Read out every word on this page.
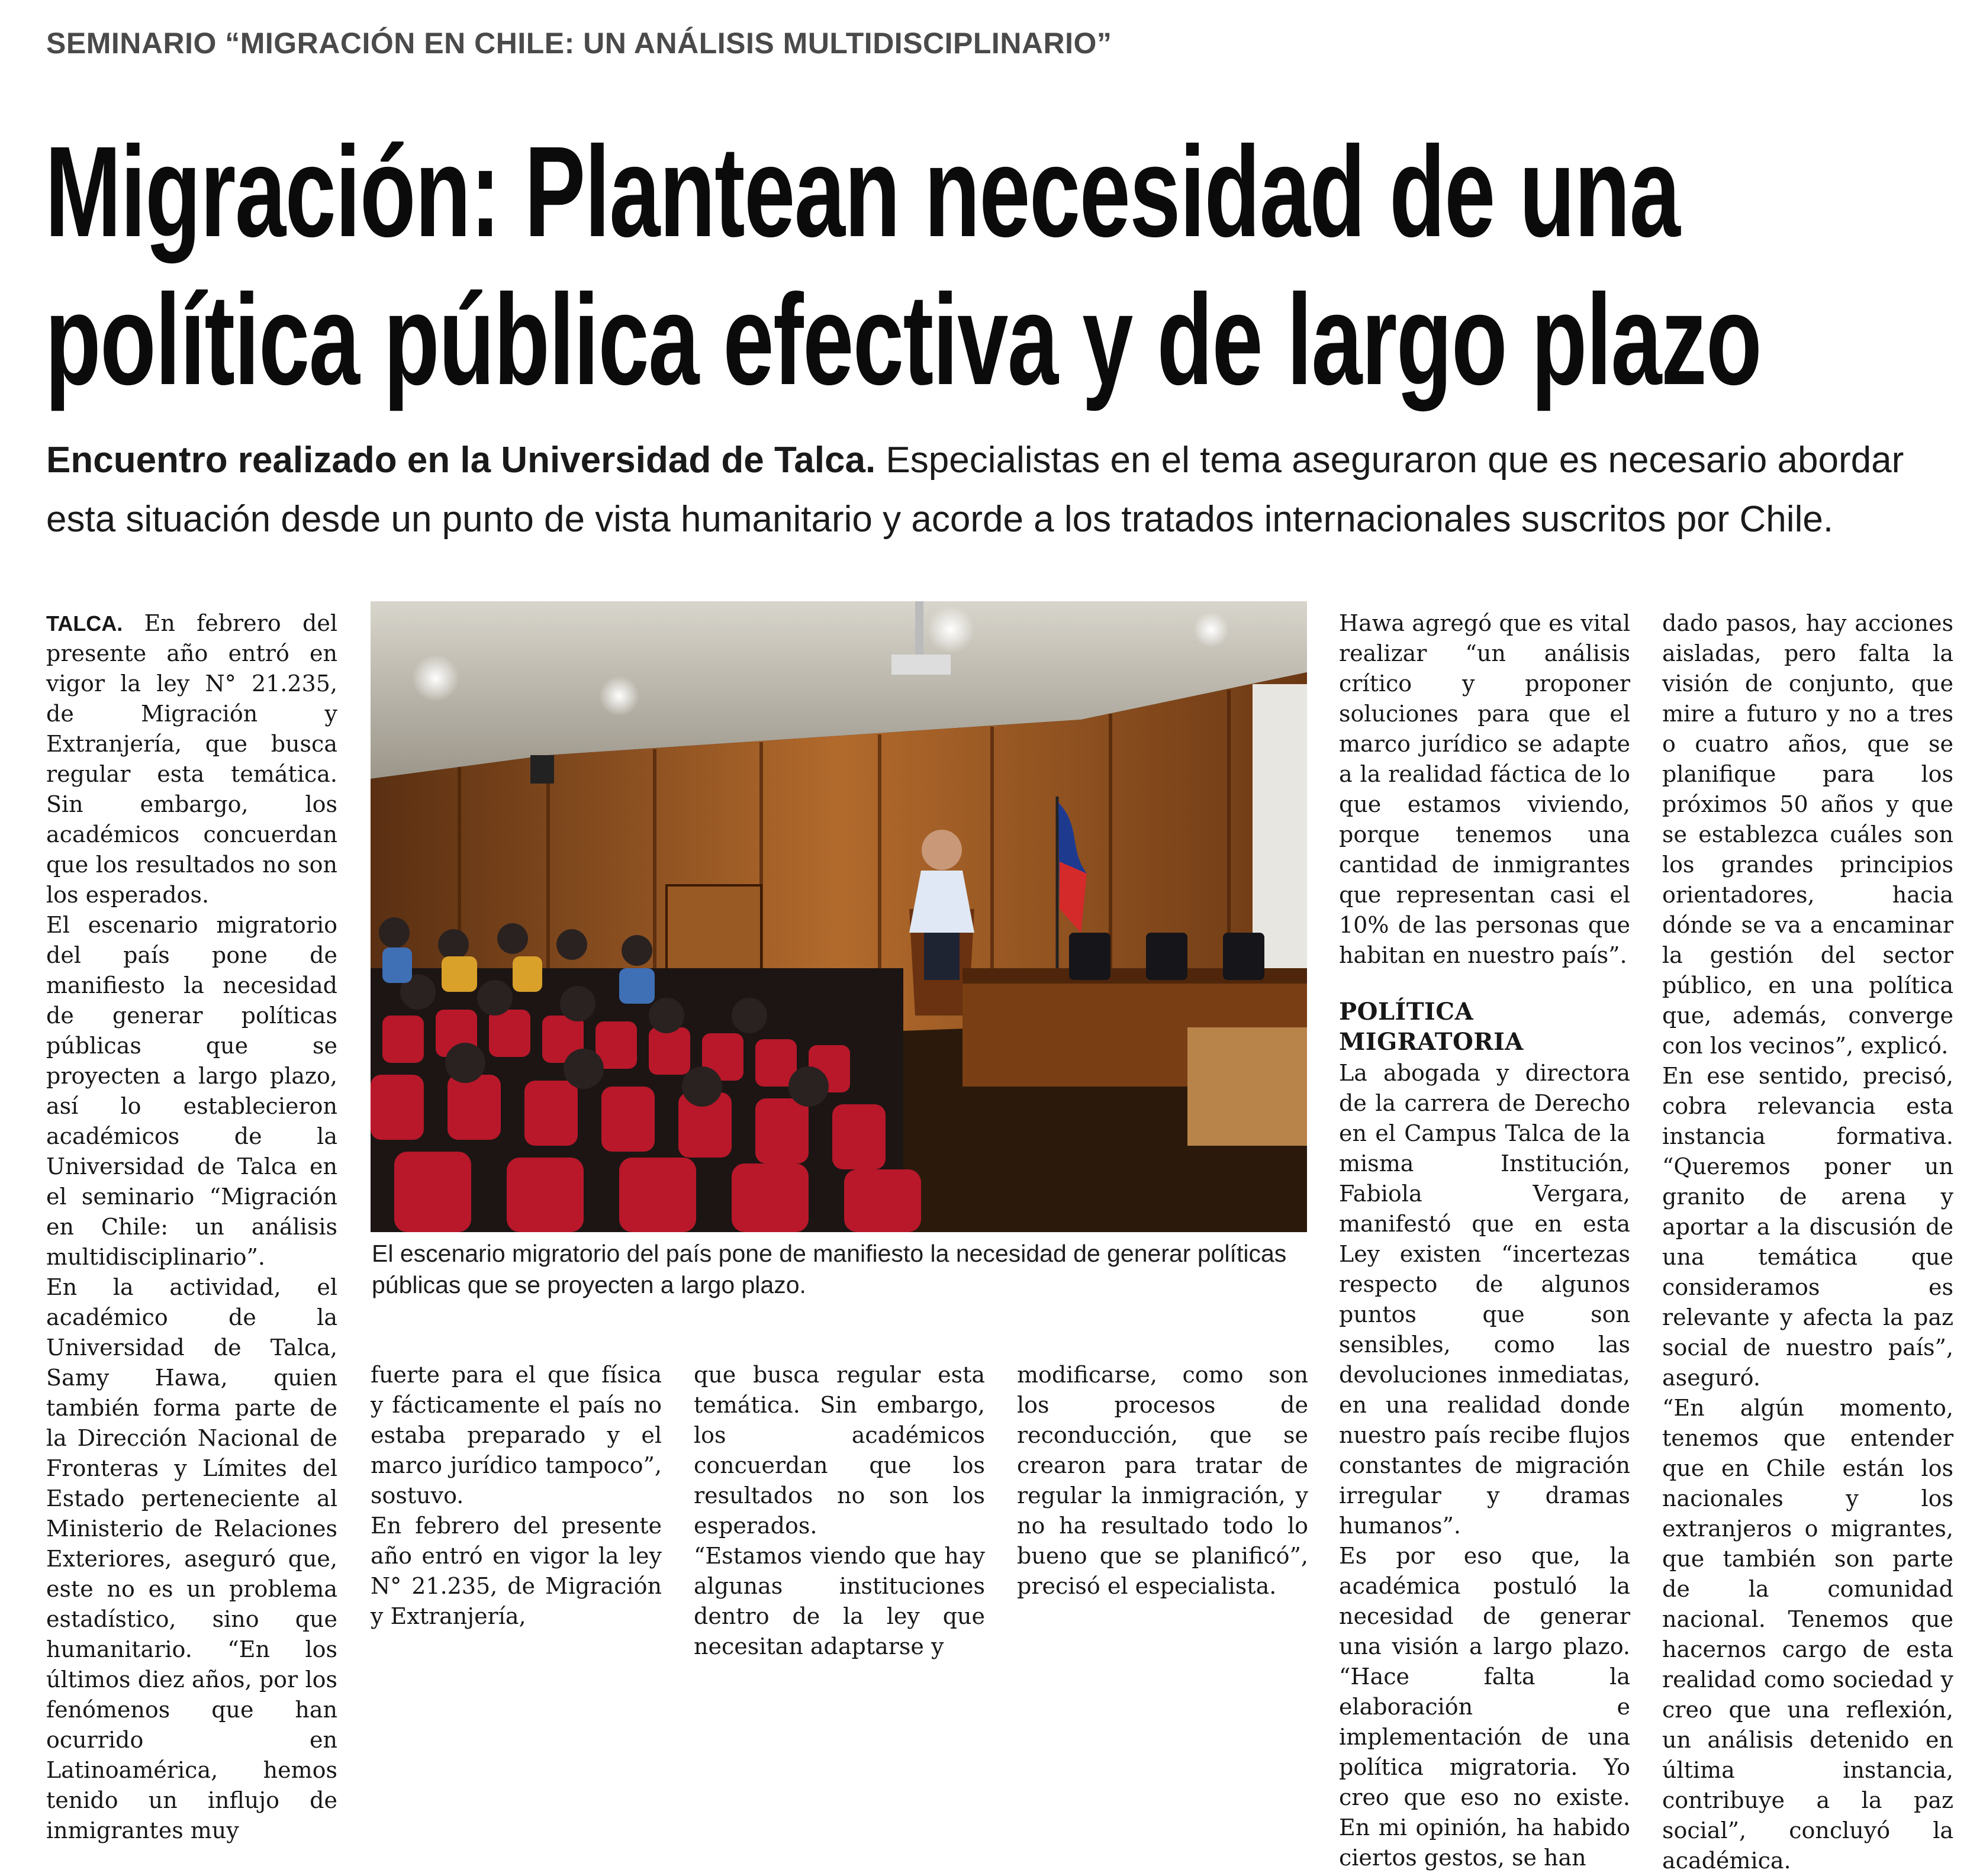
SEMINARIO “MIGRACIÓN EN CHILE: UN ANÁLISIS MULTIDISCIPLINARIO”
Migración: Plantean necesidad de una
política pública efectiva y de largo plazo
Encuentro realizado en la Universidad de Talca. Especialistas en el tema aseguraron que es necesario abordar esta situación desde un punto de vista humanitario y acorde a los tratados internacionales suscritos por Chile.

TALCA. En febrero del presente año entró en vigor la ley N° 21.235, de Migración y Extranjería, que busca regular esta temática. Sin embargo, los académicos concuerdan que los resultados no son los esperados.

El escenario migratorio del país pone de manifiesto la necesidad de generar políticas públicas que se proyecten a largo plazo, así lo establecieron académicos de la Universidad de Talca en el seminario “Migración en Chile: un análisis multidisciplinario”.

En la actividad, el académico de la Universidad de Talca, Samy Hawa, quien también forma parte de la Dirección Nacional de Fronteras y Límites del Estado perteneciente al Ministerio de Relaciones Exteriores, aseguró que, este no es un problema estadístico, sino que humanitario. “En los últimos diez años, por los fenómenos que han ocurrido en Latinoamérica, hemos tenido un influjo de inmigrantes muy

El escenario migratorio del país pone de manifiesto la necesidad de generar políticas públicas que se proyecten a largo plazo.

fuerte para el que física y fácticamente el país no estaba preparado y el marco jurídico tampoco”, sostuvo.

En febrero del presente año entró en vigor la ley N° 21.235, de Migración y Extranjería,

que busca regular esta temática. Sin embargo, los académicos concuerdan que los resultados no son los esperados.

“Estamos viendo que hay algunas instituciones dentro de la ley que necesitan adaptarse y

modificarse, como son los procesos de reconducción, que se crearon para tratar de regular la inmigración, y no ha resultado todo lo bueno que se planificó”, precisó el especialista.

Hawa agregó que es vital realizar “un análisis crítico y proponer soluciones para que el marco jurídico se adapte a la realidad fáctica de lo que estamos viviendo, porque tenemos una cantidad de inmigrantes que representan casi el 10% de las personas que habitan en nuestro país”.

POLÍTICA MIGRATORIA

La abogada y directora de la carrera de Derecho en el Campus Talca de la misma Institución, Fabiola Vergara, manifestó que en esta Ley existen “incertezas respecto de algunos puntos que son sensibles, como las devoluciones inmediatas, en una realidad donde nuestro país recibe flujos constantes de migración irregular y dramas humanos”.

Es por eso que, la académica postuló la necesidad de generar una visión a largo plazo. “Hace falta la elaboración e implementación de una política migratoria. Yo creo que eso no existe. En mi opinión, ha habido ciertos gestos, se han

dado pasos, hay acciones aisladas, pero falta la visión de conjunto, que mire a futuro y no a tres o cuatro años, que se planifique para los próximos 50 años y que se establezca cuáles son los grandes principios orientadores, hacia dónde se va a encaminar la gestión del sector público, en una política que, además, converge con los vecinos”, explicó.

En ese sentido, precisó, cobra relevancia esta instancia formativa. “Queremos poner un granito de arena y aportar a la discusión de una temática que consideramos es relevante y afecta la paz social de nuestro país”, aseguró.

“En algún momento, tenemos que entender que en Chile están los nacionales y los extranjeros o migrantes, que también son parte de la comunidad nacional. Tenemos que hacernos cargo de esta realidad como sociedad y creo que una reflexión, un análisis detenido en última instancia, contribuye a la paz social”, concluyó la académica.
